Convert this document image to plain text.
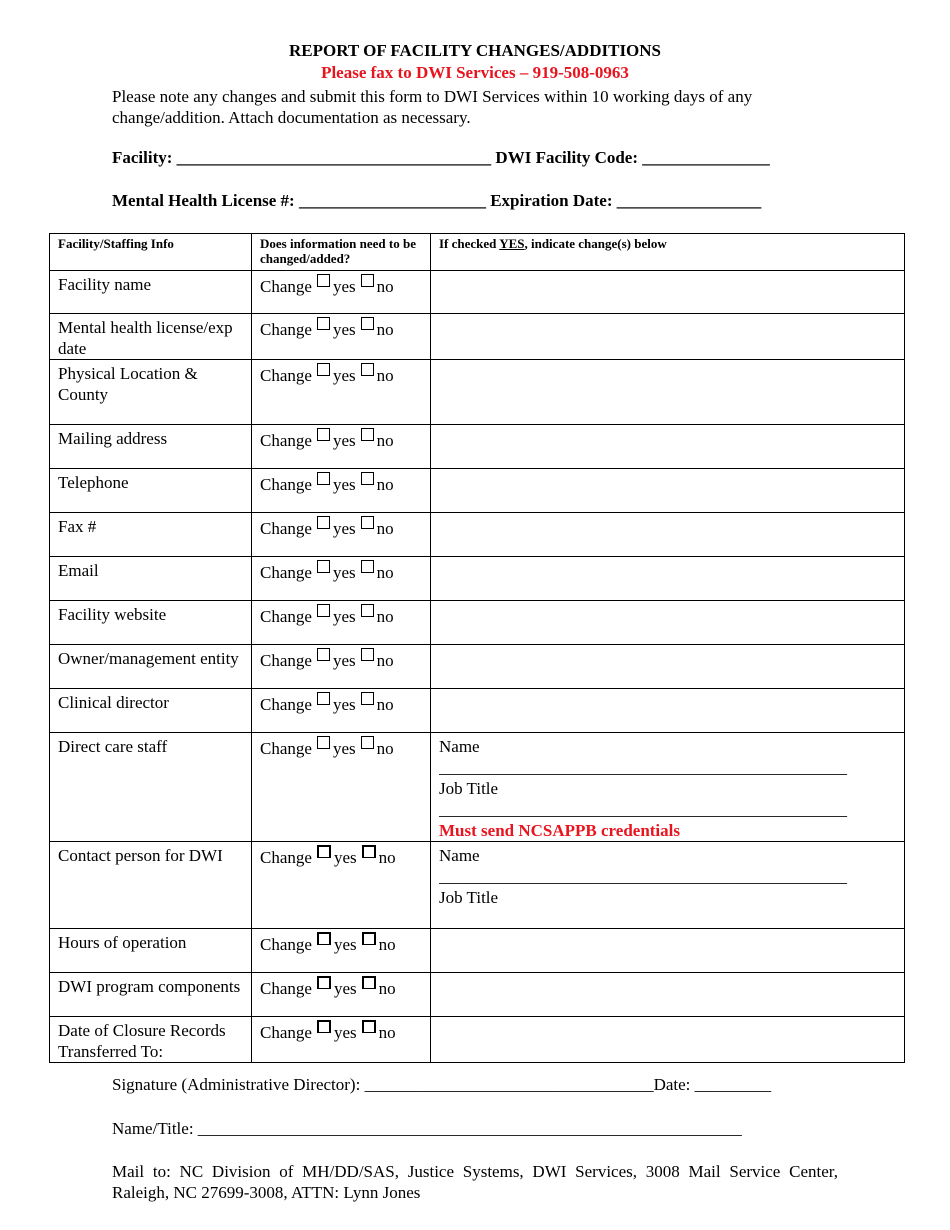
REPORT OF FACILITY CHANGES/ADDITIONS
Please fax to DWI Services – 919-508-0963
Please note any changes and submit this form to DWI Services within 10 working days of any change/addition. Attach documentation as necessary.
Facility: _____________________________________ DWI Facility Code: _______________
Mental Health License #: ______________________ Expiration Date: _________________
Facility/Staffing Info	Does information need to be changed/added?	If checked YES, indicate change(s) below
Facility name	Change yes no	
Mental health license/exp date	Change yes no	
Physical Location & County	Change yes no	
Mailing address	Change yes no	
Telephone	Change yes no	
Fax #	Change yes no	
Email	Change yes no	
Facility website	Change yes no	
Owner/management entity	Change yes no	
Clinical director	Change yes no	
Direct care staff	Change yes no	Name
________________________________________________
Job Title
________________________________________________
Must send NCSAPPB credentials

Contact person for DWI	Change yes no	Name
________________________________________________
Job Title

Hours of operation	Change yes no	
DWI program components	Change yes no	
Date of Closure Records Transferred To:	Change yes no	
Signature (Administrative Director): __________________________________Date: _________
Name/Title: ________________________________________________________________
Mail to: NC Division of MH/DD/SAS, Justice Systems, DWI Services, 3008 Mail Service Center, Raleigh, NC 27699-3008, ATTN: Lynn Jones
